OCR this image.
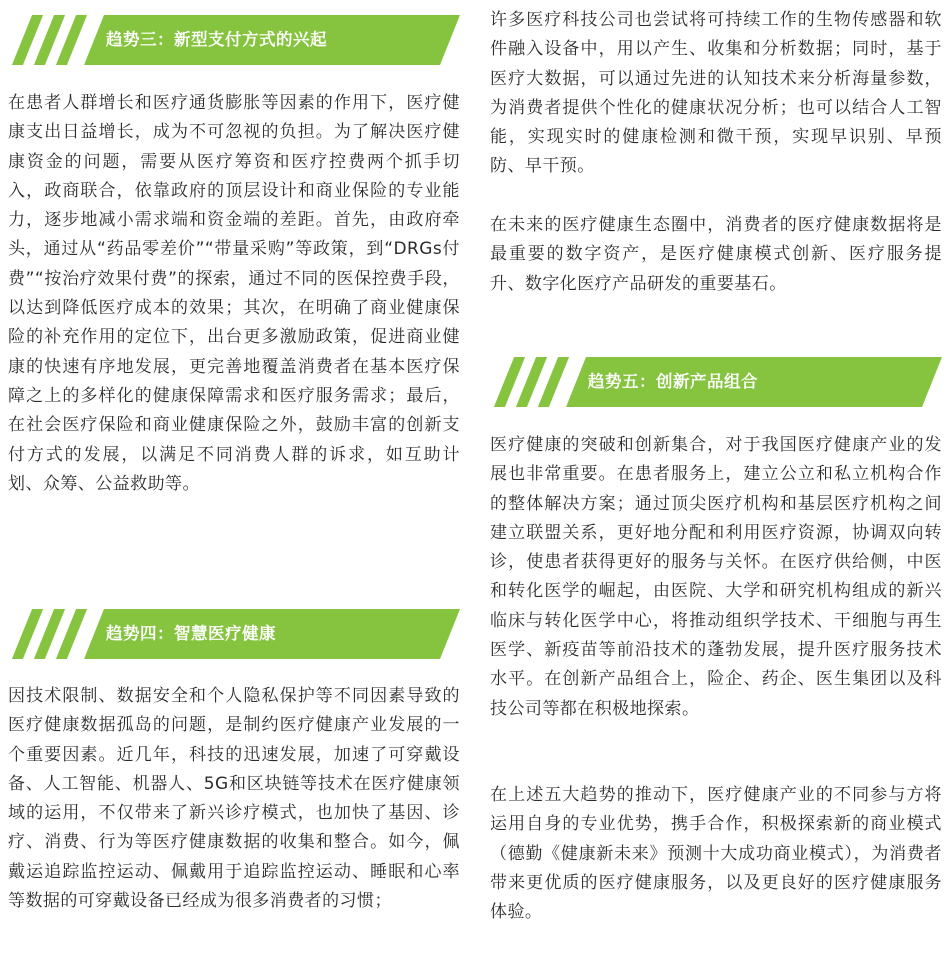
趋势三：新型支付方式的兴起

在患者人群增长和医疗通货膨胀等因素的作用下，医疗健康支出日益增长，成为不可忽视的负担。为了解决医疗健康资金的问题，需要从医疗筹资和医疗控费两个抓手切入，政商联合，依靠政府的顶层设计和商业保险的专业能力，逐步地减小需求端和资金端的差距。首先，由政府牵头，通过从“药品零差价”“带量采购”等政策，到“DRGs付费”“按治疗效果付费”的探索，通过不同的医保控费手段，以达到降低医疗成本的效果；其次，在明确了商业健康保险的补充作用的定位下，出台更多激励政策，促进商业健康的快速有序地发展，更完善地覆盖消费者在基本医疗保障之上的多样化的健康保障需求和医疗服务需求；最后，在社会医疗保险和商业健康保险之外，鼓励丰富的创新支付方式的发展，以满足不同消费人群的诉求，如互助计划、众筹、公益救助等。

趋势四：智慧医疗健康

因技术限制、数据安全和个人隐私保护等不同因素导致的医疗健康数据孤岛的问题，是制约医疗健康产业发展的一个重要因素。近几年，科技的迅速发展，加速了可穿戴设备、人工智能、机器人、5G和区块链等技术在医疗健康领域的运用，不仅带来了新兴诊疗模式，也加快了基因、诊疗、消费、行为等医疗健康数据的收集和整合。如今，佩戴运追踪监控运动、佩戴用于追踪监控运动、睡眠和心率等数据的可穿戴设备已经成为很多消费者的习惯；

许多医疗科技公司也尝试将可持续工作的生物传感器和软件融入设备中，用以产生、收集和分析数据；同时，基于医疗大数据，可以通过先进的认知技术来分析海量参数，为消费者提供个性化的健康状况分析；也可以结合人工智能，实现实时的健康检测和微干预，实现早识别、早预防、早干预。

在未来的医疗健康生态圈中，消费者的医疗健康数据将是最重要的数字资产，是医疗健康模式创新、医疗服务提升、数字化医疗产品研发的重要基石。

趋势五：创新产品组合

医疗健康的突破和创新集合，对于我国医疗健康产业的发展也非常重要。在患者服务上，建立公立和私立机构合作的整体解决方案；通过顶尖医疗机构和基层医疗机构之间建立联盟关系，更好地分配和利用医疗资源，协调双向转诊，使患者获得更好的服务与关怀。在医疗供给侧，中医和转化医学的崛起，由医院、大学和研究机构组成的新兴临床与转化医学中心，将推动组织学技术、干细胞与再生医学、新疫苗等前沿技术的蓬勃发展，提升医疗服务技术水平。在创新产品组合上，险企、药企、医生集团以及科技公司等都在积极地探索。

在上述五大趋势的推动下，医疗健康产业的不同参与方将运用自身的专业优势，携手合作，积极探索新的商业模式（德勤《健康新未来》预测十大成功商业模式），为消费者带来更优质的医疗健康服务，以及更良好的医疗健康服务体验。
